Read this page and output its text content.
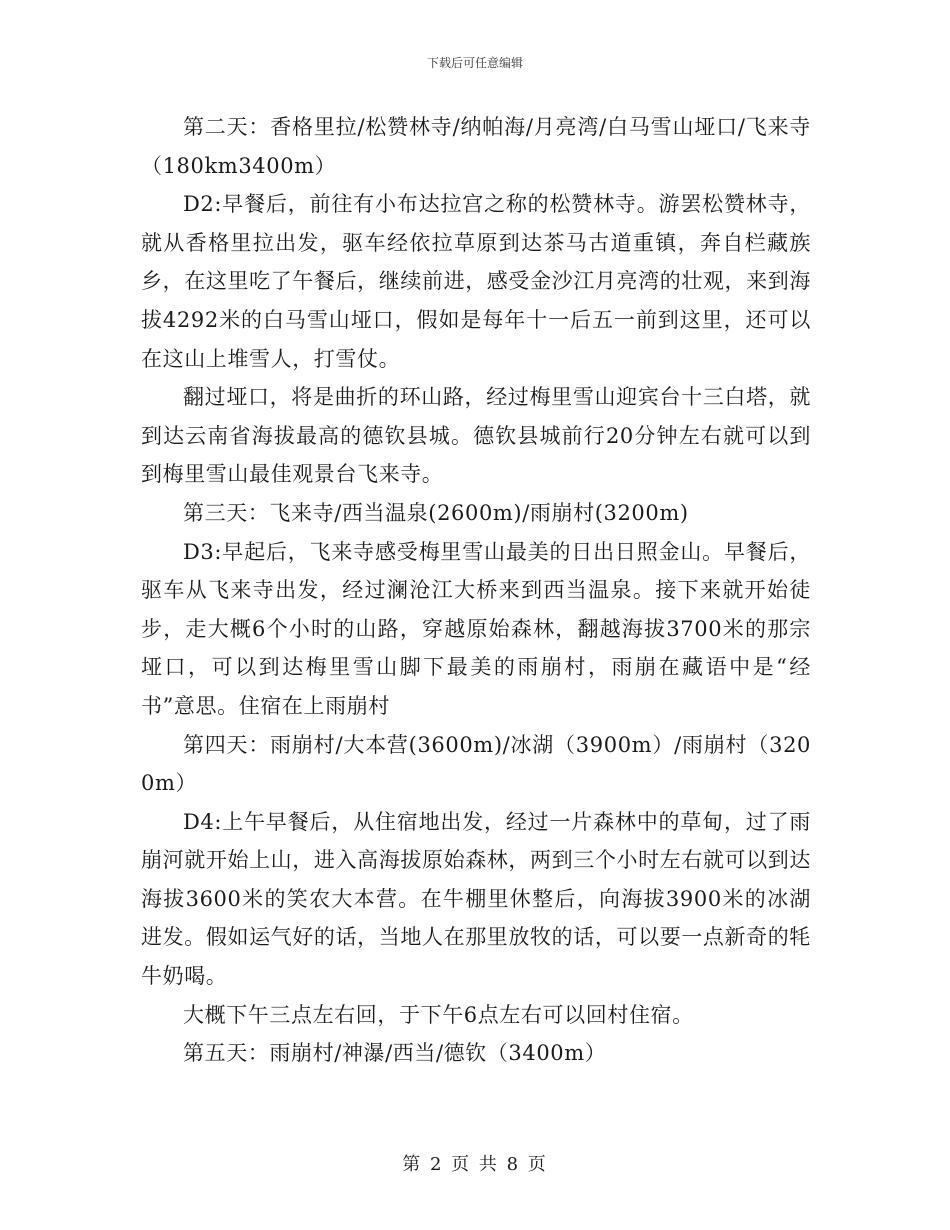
下载后可任意编辑

第二天：香格里拉/松赞林寺/纳帕海/月亮湾/白马雪山垭口/飞来寺（180km3400m）

D2:早餐后，前往有小布达拉宫之称的松赞林寺。游罢松赞林寺，就从香格里拉出发，驱车经依拉草原到达茶马古道重镇，奔自栏藏族乡，在这里吃了午餐后，继续前进，感受金沙江月亮湾的壮观，来到海拔4292米的白马雪山垭口，假如是每年十一后五一前到这里，还可以在这山上堆雪人，打雪仗。

翻过垭口，将是曲折的环山路，经过梅里雪山迎宾台十三白塔，就到达云南省海拔最高的德钦县城。德钦县城前行20分钟左右就可以到到梅里雪山最佳观景台飞来寺。

第三天：飞来寺/西当温泉(2600m)/雨崩村(3200m)

D3:早起后，飞来寺感受梅里雪山最美的日出日照金山。早餐后，驱车从飞来寺出发，经过澜沧江大桥来到西当温泉。接下来就开始徒步，走大概6个小时的山路，穿越原始森林，翻越海拔3700米的那宗垭口，可以到达梅里雪山脚下最美的雨崩村，雨崩在藏语中是“经书”意思。住宿在上雨崩村

第四天：雨崩村/大本营(3600m)/冰湖（3900m）/雨崩村（3200m）

D4:上午早餐后，从住宿地出发，经过一片森林中的草甸，过了雨崩河就开始上山，进入高海拔原始森林，两到三个小时左右就可以到达海拔3600米的笑农大本营。在牛棚里休整后，向海拔3900米的冰湖进发。假如运气好的话，当地人在那里放牧的话，可以要一点新奇的牦牛奶喝。

大概下午三点左右回，于下午6点左右可以回村住宿。

第五天：雨崩村/神瀑/西当/德钦（3400m）

第 2 页 共 8 页
